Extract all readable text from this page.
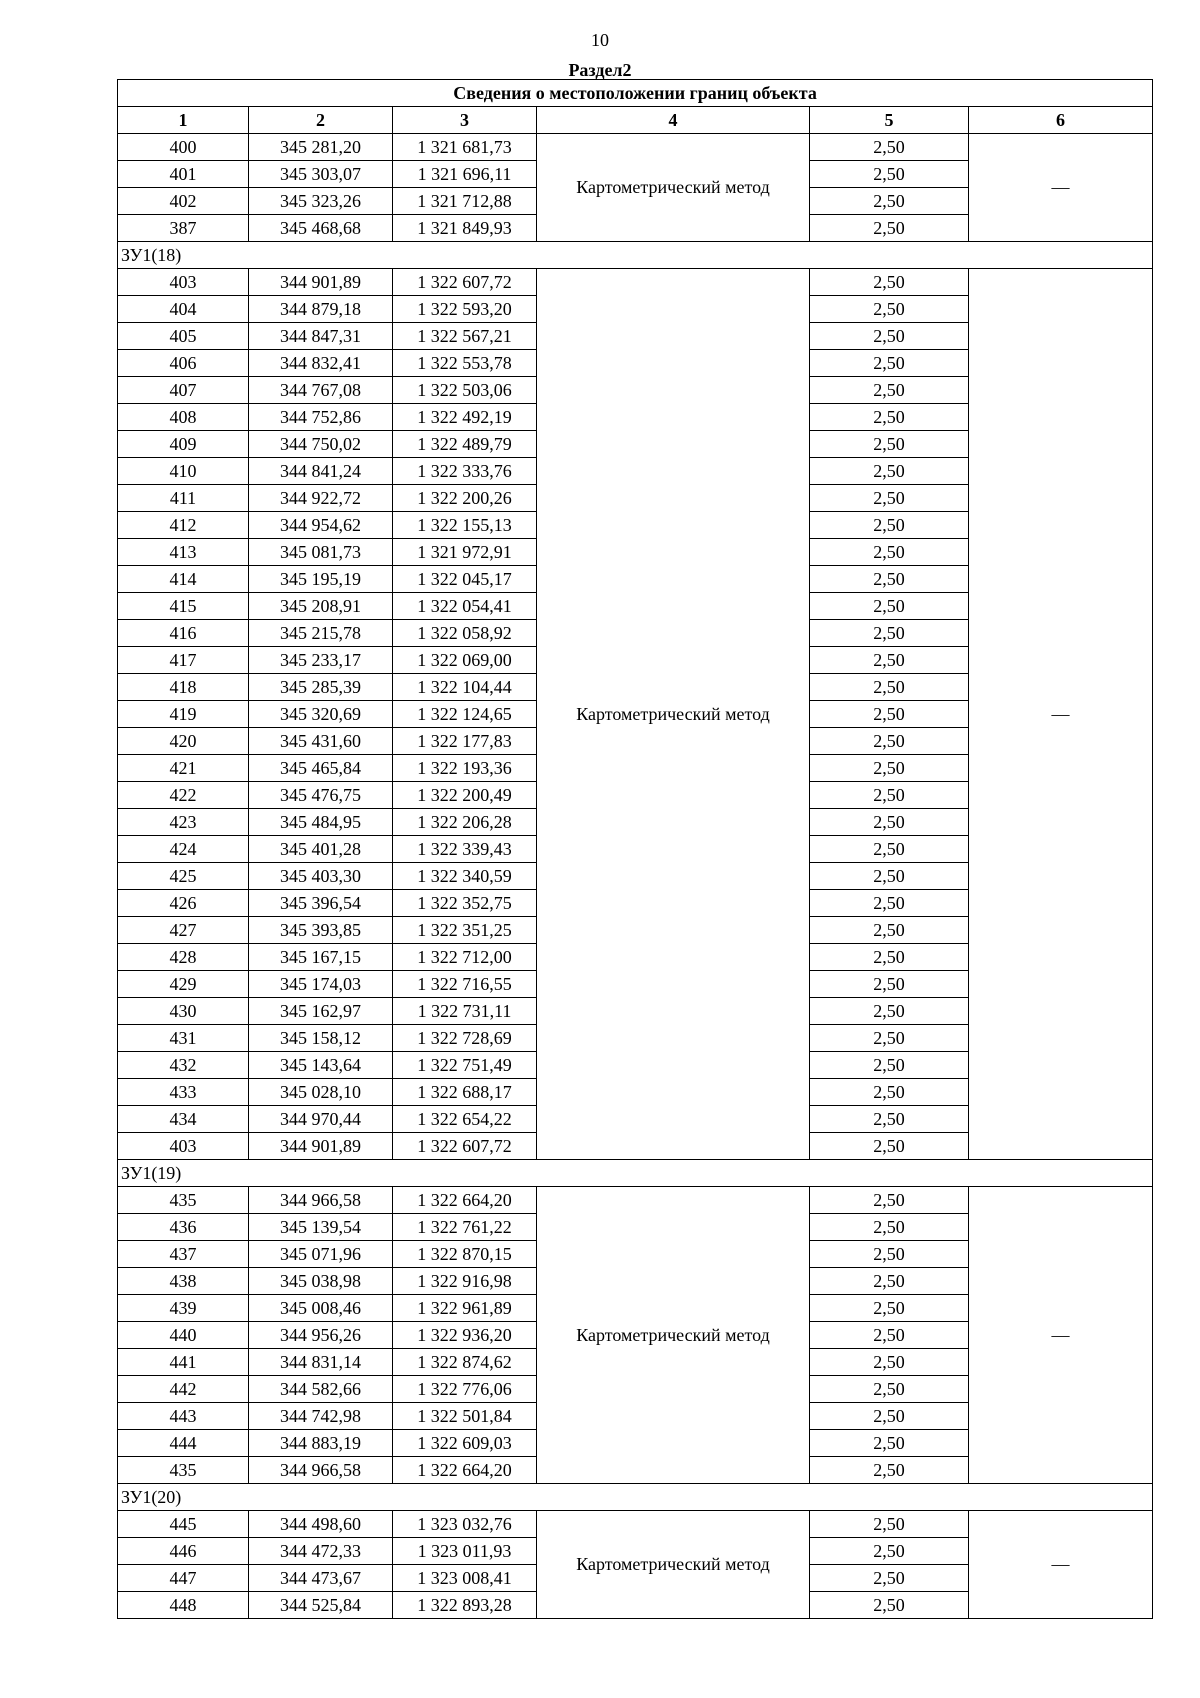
10
Раздел2
Сведения о местоположении границ объекта					
1	2	3	4	5	6
400	345 281,20	1 321 681,73	Картометрический метод	2,50	—
401	345 303,07	1 321 696,11		2,50	
402	345 323,26	1 321 712,88		2,50	
387	345 468,68	1 321 849,93		2,50	
ЗУ1(18)					
403	344 901,89	1 322 607,72	Картометрический метод	2,50	—
404	344 879,18	1 322 593,20		2,50	
405	344 847,31	1 322 567,21		2,50	
406	344 832,41	1 322 553,78		2,50	
407	344 767,08	1 322 503,06		2,50	
408	344 752,86	1 322 492,19		2,50	
409	344 750,02	1 322 489,79		2,50	
410	344 841,24	1 322 333,76		2,50	
411	344 922,72	1 322 200,26		2,50	
412	344 954,62	1 322 155,13		2,50	
413	345 081,73	1 321 972,91		2,50	
414	345 195,19	1 322 045,17		2,50	
415	345 208,91	1 322 054,41		2,50	
416	345 215,78	1 322 058,92		2,50	
417	345 233,17	1 322 069,00		2,50	
418	345 285,39	1 322 104,44		2,50	
419	345 320,69	1 322 124,65		2,50	
420	345 431,60	1 322 177,83		2,50	
421	345 465,84	1 322 193,36		2,50	
422	345 476,75	1 322 200,49		2,50	
423	345 484,95	1 322 206,28		2,50	
424	345 401,28	1 322 339,43		2,50	
425	345 403,30	1 322 340,59		2,50	
426	345 396,54	1 322 352,75		2,50	
427	345 393,85	1 322 351,25		2,50	
428	345 167,15	1 322 712,00		2,50	
429	345 174,03	1 322 716,55		2,50	
430	345 162,97	1 322 731,11		2,50	
431	345 158,12	1 322 728,69		2,50	
432	345 143,64	1 322 751,49		2,50	
433	345 028,10	1 322 688,17		2,50	
434	344 970,44	1 322 654,22		2,50	
403	344 901,89	1 322 607,72		2,50	
ЗУ1(19)					
435	344 966,58	1 322 664,20	Картометрический метод	2,50	—
436	345 139,54	1 322 761,22		2,50	
437	345 071,96	1 322 870,15		2,50	
438	345 038,98	1 322 916,98		2,50	
439	345 008,46	1 322 961,89		2,50	
440	344 956,26	1 322 936,20		2,50	
441	344 831,14	1 322 874,62		2,50	
442	344 582,66	1 322 776,06		2,50	
443	344 742,98	1 322 501,84		2,50	
444	344 883,19	1 322 609,03		2,50	
435	344 966,58	1 322 664,20		2,50	
ЗУ1(20)					
445	344 498,60	1 323 032,76	Картометрический метод	2,50	—
446	344 472,33	1 323 011,93		2,50	
447	344 473,67	1 323 008,41		2,50	
448	344 525,84	1 322 893,28		2,50	
